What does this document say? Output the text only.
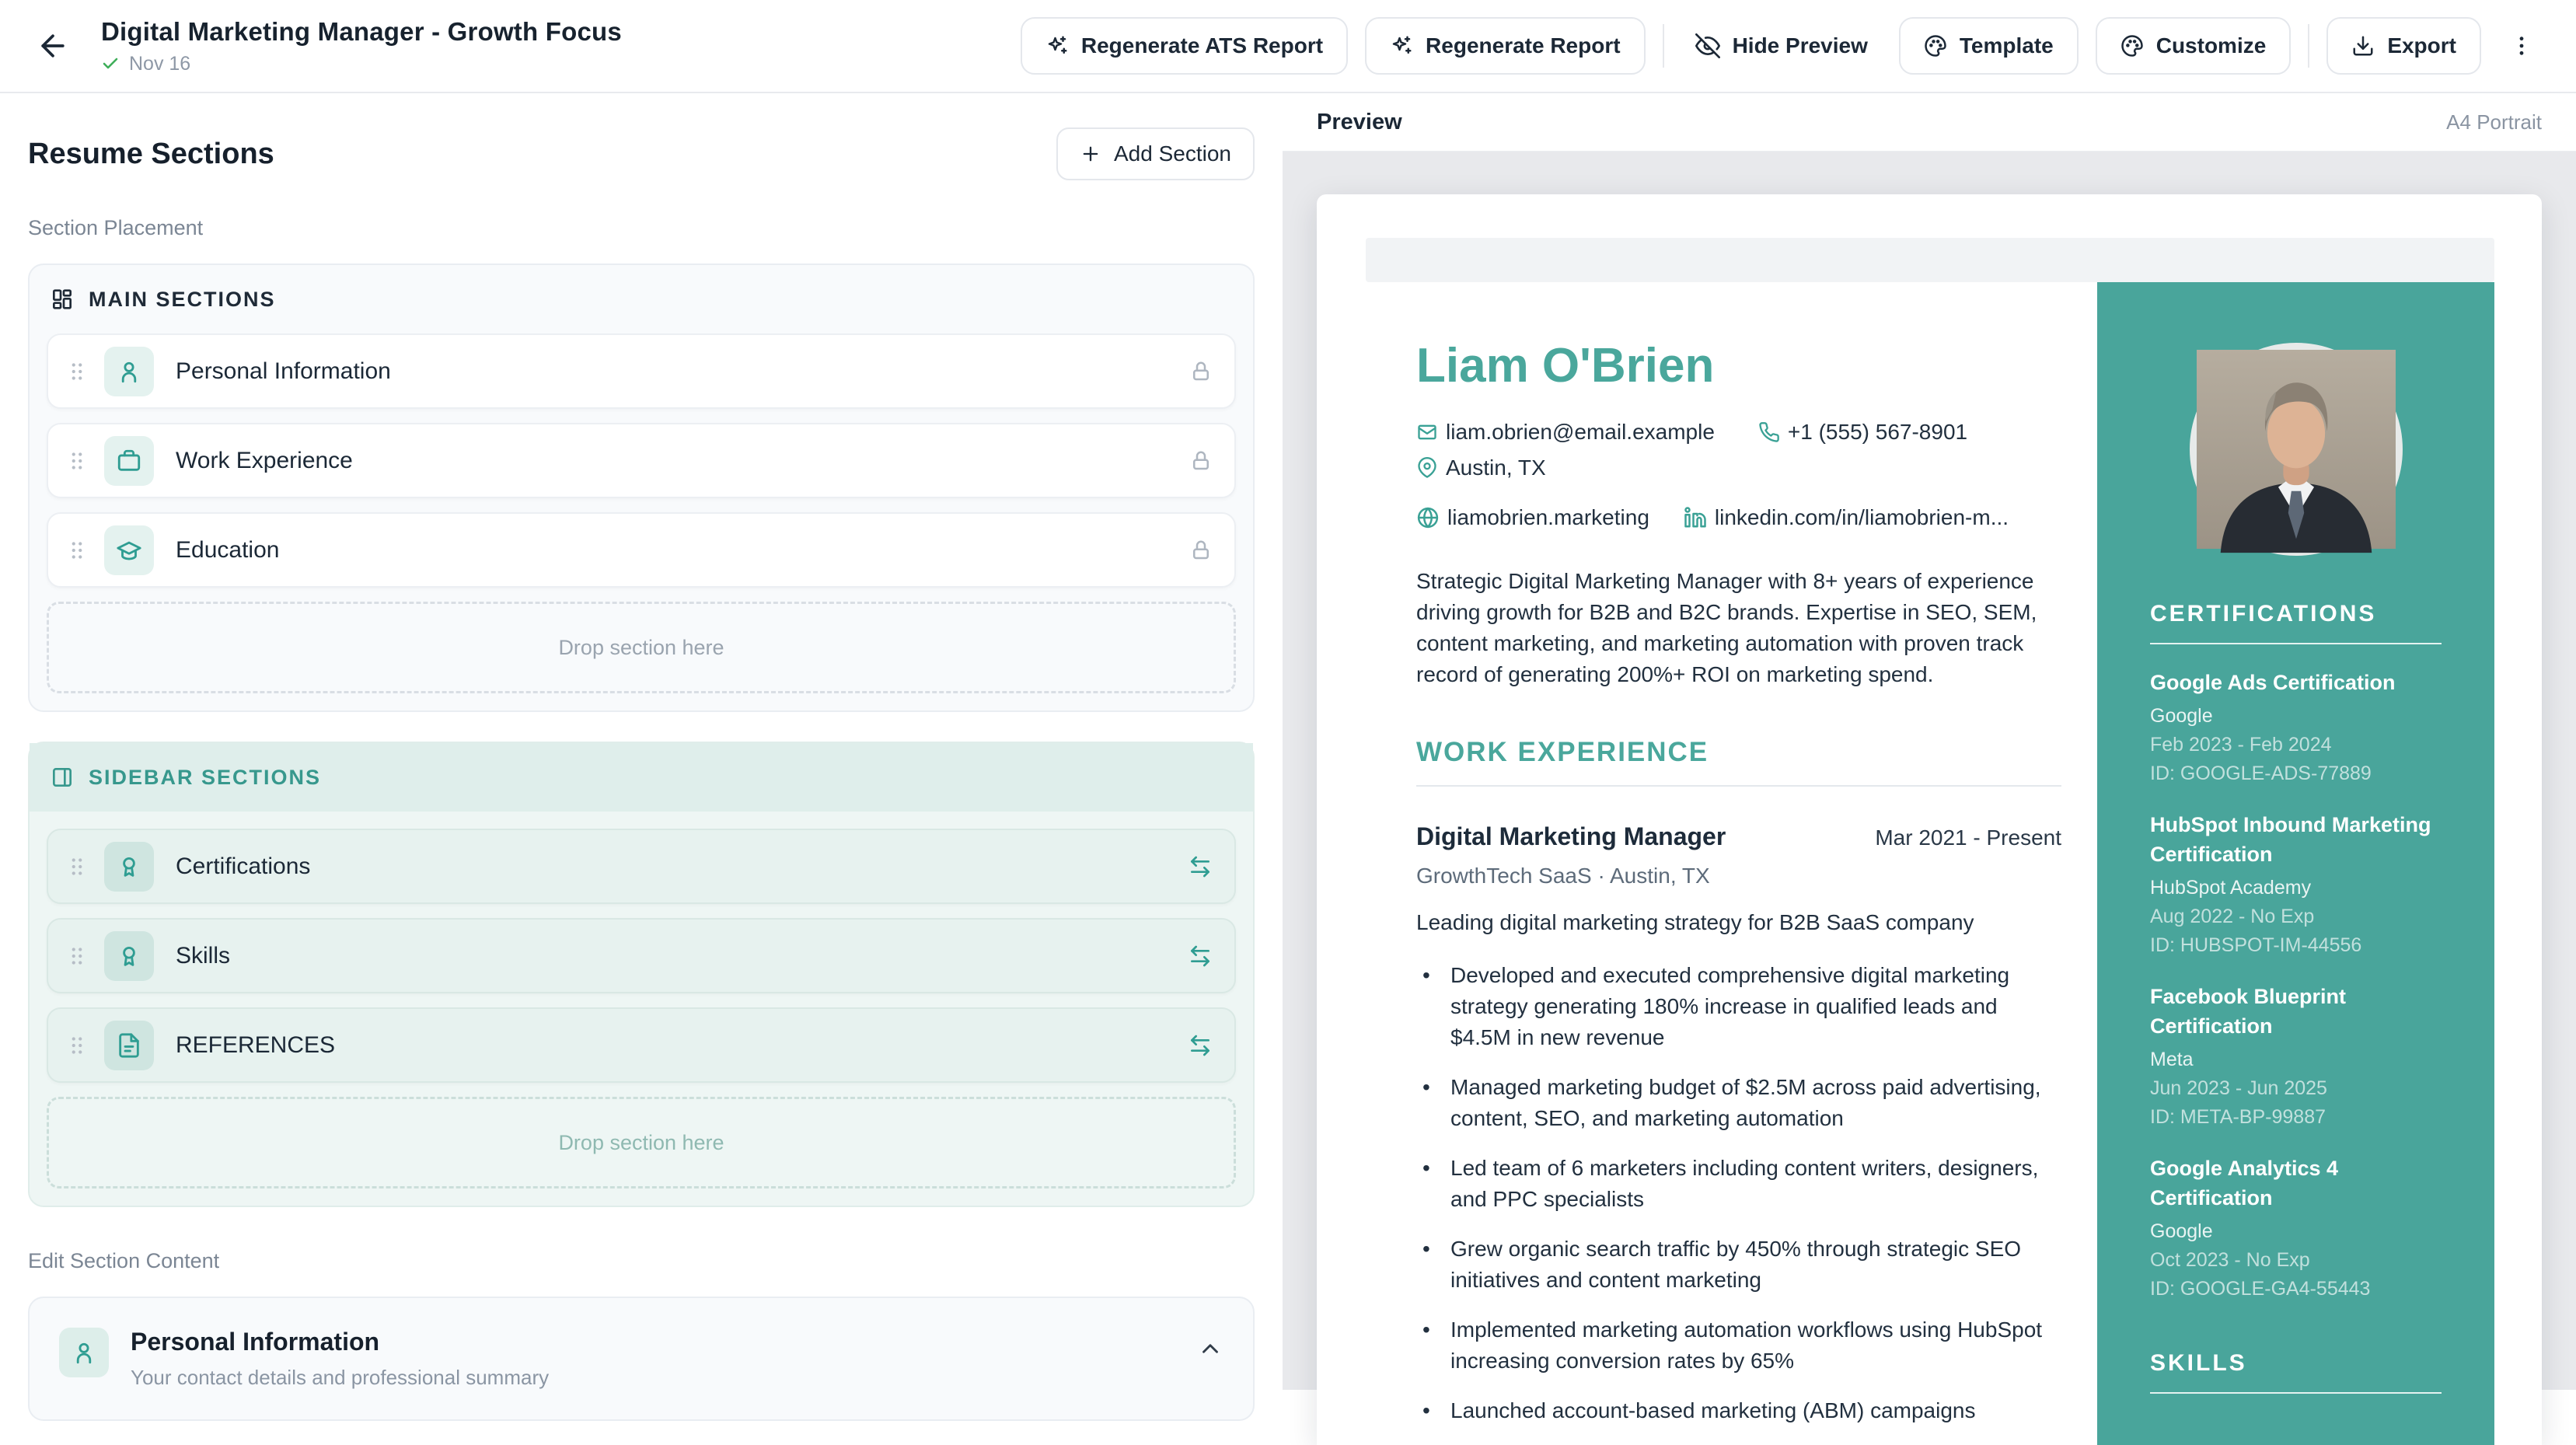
Digital Marketing Manager - Growth Focus
Nov 16
Regenerate ATS Report	Regenerate Report	Hide Preview	Template	Customize	Export
Resume Sections	Add Section
Section Placement
MAIN SECTIONS
Personal Information
Work Experience
Education
Drop section here
SIDEBAR SECTIONS
Certifications
Skills
REFERENCES
Drop section here
Edit Section Content
Personal Information
Your contact details and professional summary
Preview	A4 Portrait
Liam O'Brien
liam.obrien@email.example	+1 (555) 567-8901
Austin, TX
liamobrien.marketing	linkedin.com/in/liamobrien-m...
Strategic Digital Marketing Manager with 8+ years of experience driving growth for B2B and B2C brands. Expertise in SEO, SEM, content marketing, and marketing automation with proven track record of generating 200%+ ROI on marketing spend.
WORK EXPERIENCE
Digital Marketing Manager	Mar 2021 - Present
GrowthTech SaaS · Austin, TX
Leading digital marketing strategy for B2B SaaS company
• Developed and executed comprehensive digital marketing strategy generating 180% increase in qualified leads and $4.5M in new revenue
• Managed marketing budget of $2.5M across paid advertising, content, SEO, and marketing automation
• Led team of 6 marketers including content writers, designers, and PPC specialists
• Grew organic search traffic by 450% through strategic SEO initiatives and content marketing
• Implemented marketing automation workflows using HubSpot increasing conversion rates by 65%
• Launched account-based marketing (ABM) campaigns
CERTIFICATIONS
Google Ads Certification
Google
Feb 2023 - Feb 2024
ID: GOOGLE-ADS-77889
HubSpot Inbound Marketing Certification
HubSpot Academy
Aug 2022 - No Exp
ID: HUBSPOT-IM-44556
Facebook Blueprint Certification
Meta
Jun 2023 - Jun 2025
ID: META-BP-99887
Google Analytics 4 Certification
Google
Oct 2023 - No Exp
ID: GOOGLE-GA4-55443
SKILLS
